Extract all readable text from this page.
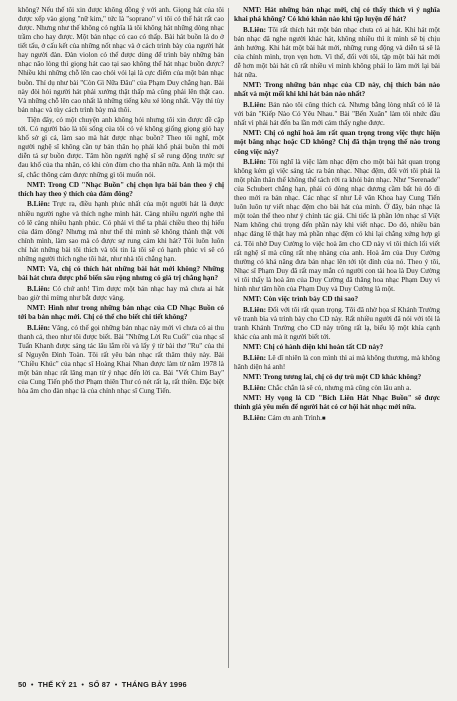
không? Nếu thế tôi xin được không đồng ý với anh. Giọng hát của tôi được xếp vào giọng "nữ kim," tức là "soprano" vì tôi có thể hát rất cao được. Nhưng như thế không có nghĩa là tôi không hát những dòng nhạc trầm cho hay được. Một bản nhạc có cao có thấp. Bài hát buồn là do ở tiết tấu, ở cấu kết của những nốt nhạc và ở cách trình bày của người hát hay người đàn. Đàn violon có thể được dùng để trình bày những bản nhạc não lòng thì giọng hát cao tại sao không thể hát nhạc buồn được? Nhiều khi những chỗ lên cao chói vói lại là cực điểm của một bản nhạc buồn. Thí dụ như bài "Còn Gì Nữa Đâu" của Phạm Duy chẳng hạn. Bài này đòi hỏi người hát phải xướng thật thấp mà cũng phải lên thật cao. Và những chỗ lên cao nhất là những tiếng kêu xé lòng nhất. Vậy thì tùy bản nhạc và tùy cách trình bày mà thôi.

Tiện đây, có một chuyện anh không hỏi nhưng tôi xin được đề cập tới. Có người bảo là tôi sống của tôi có vẻ không giống giọng giỏ hay khổ sở gì cả, làm sao mà hát được nhạc buồn? Theo tôi nghĩ, một người nghệ sĩ không cần tự bản thân họ phải khổ phải buồn thì mới diễn tả sự buồn được. Tâm hồn người nghệ sĩ sẽ rung động trước sự đau khổ của tha nhân, có khi còn đùm cho tha nhân nữa. Anh là một thi sĩ, chắc thông cảm được những gì tôi muốn nói.

NMT: Trong CD "Nhạc Buồn" chị chọn lựa bài bản theo ý chị thích hay theo ý thích của đám đông?

B.Liên: Trực ra, điều hạnh phúc nhất của một người hát là được nhiều người nghe và thích nghe mình hát. Càng nhiều người nghe thì có lẽ càng nhiều hạnh phúc. Có phải vì thế ta phải chiều theo thị hiếu của đám đông? Nhưng mà như thế thì mình sẽ không thành thật với chính mình, làm sao mà có được sự rung cảm khi hát? Tôi luôn luôn chỉ hát những bài tôi thích và tôi tin là tôi sẽ có hạnh phúc vì sẽ có những người thích nghe tôi hát, như nhà tôi chẳng hạn.

NMT: Và, chị có thích hát những bài hát mới không? Những bài hát chưa được phổ biến sâu rộng nhưng có giá trị chẳng hạn?

B.Liên: Có chứ anh! Tìm được một bản nhạc hay mà chưa ai hát bao giờ thì mừng như bắt được vàng.

NMT: Hình như trong những bản nhạc của CD Nhạc Buồn có tới ba bản nhạc mới. Chị có thể cho biết chi tiết không?

B.Liên: Vâng, có thể gọi những bản nhạc này mới vì chưa có ai thu thanh cả, theo như tôi được biết. Bài "Những Lời Ru Cuối" của nhạc sĩ Tuấn Khanh được sáng tác lâu lắm rồi và lấy ý từ bài thơ "Ru" của thi sĩ Nguyễn Đình Toàn. Tôi rất yêu bản nhạc rất thâm thúy này. Bài "Chiều Khúc" của nhạc sĩ Hoàng Khai Nhan được làm từ năm 1978 là một bản nhạc rất lãng mạn từ ý nhạc đến lời ca. Bài "Vết Chim Bay" của Cung Tiến phổ thơ Phạm thiên Thư có nét rất lạ, rất thiền. Đặc biệt hòa âm cho đàn nhạc là của chính nhạc sĩ Cung Tiến.

NMT: Hát những bản nhạc mới, chị có thấy thích vì ý nghĩa khai phá không? Có khó khăn nào khi tập luyện để hát?

B.Liên: Tôi rất thích hát một bản nhạc chưa có ai hát. Khi hát một bản nhạc đã nghe người khác hát, không nhiều thì ít mình sẽ bị chịu ảnh hưởng. Khi hát một bài hát mới, những rung động và diễn tả sẽ là của chính mình, trọn vẹn hơn. Vì thế, đối với tôi, tập một bài hát mới dễ hơn một bài hát cũ rất nhiều vì mình không phải lo làm mới lại bài hát nữa.

NMT: Trong những bản nhạc của CD này, chị thích bản nào nhất và một mối khi khi hát bản nào nhất?

B.Liên: Bản nào tôi cũng thích cả. Nhưng bằng lòng nhất có lẽ là với bản "Kiếp Nào Có Yêu Nhau." Bài "Bến Xuân" làm tôi nhức đầu nhất vì phải hát đến ba lần mới cảm thấy nghe được.

NMT: Chị có nghĩ hoà âm rất quan trọng trong việc thực hiện một băng nhạc hoặc CD không? Chị đã thận trọng thế nào trong công việc này?

B.Liên: Tôi nghĩ là việc làm nhạc đệm cho một bài hát quan trọng không kém gì việc sáng tác ra bản nhạc. Nhạc đệm, đối với tôi phải là một phần thân thể không thể tách rời ra khỏi bản nhạc. Như "Serenade" của Schubert chẳng hạn, phải có dòng nhạc dương cầm bất hủ đó đi theo mới ra bản nhạc. Các nhạc sĩ như Lê văn Khoa hay Cung Tiến luôn luôn tự viết nhạc đệm cho bài hát của mình. Ở đây, bản nhạc là một toàn thể theo như ý chính tác giả. Chi tiếc là phần lớn nhạc sĩ Việt Nam không chú trọng đến phần này khi viết nhạc. Do đó, nhiều bản nhạc đáng lẽ thật hay mà phần nhạc đệm có khi lại chẳng xứng hợp gì cả. Tôi nhờ Duy Cường lo việc hoà âm cho CD này vì tôi thích lối viết rất nghệ sĩ mà cũng rất nhẹ nhàng của anh. Hoà âm của Duy Cường thường có khả năng đưa bản nhạc lên tới tột đỉnh của nó. Theo ý tôi, Nhạc sĩ Phạm Duy đã rất may mắn có người con tài hoa là Duy Cường vì tôi thấy là hoà âm của Duy Cường đã thăng hoa nhạc Phạm Duy vì hình như tâm hồn của Phạm Duy và Duy Cường là một.

NMT: Còn việc trình bày CD thì sao?

B.Liên: Đối với tôi rất quan trọng. Tôi đã nhờ họa sĩ Khánh Trường vẽ tranh bìa và trình bày cho CD này. Rất nhiều người đã nói với tôi là tranh Khánh Trường cho CD này trông rất lạ, biểu lộ một khía cạnh khác của anh mà ít người biết tới.

NMT: Chị có hành diện khi hoàn tất CD này?

B.Liên: Lẽ dĩ nhiên là con mình thì ai mà không thương, mà không hãnh diện hả anh!

NMT: Trong tương lai, chị có dự trù một CD khác không?

B.Liên: Chắc chắn là sẽ có, nhưng mà cũng còn lâu anh a.

NMT: Hy vọng là CD "Bích Liên Hát Nhạc Buồn" sẽ được thính giả yêu mến để người hát có cơ hội hát nhạc mới nữa.

B.Liên: Cám ơn anh Trình.■

50 • THẾ KỶ 21 • SỐ 87 • THÁNG BẢY 1996
